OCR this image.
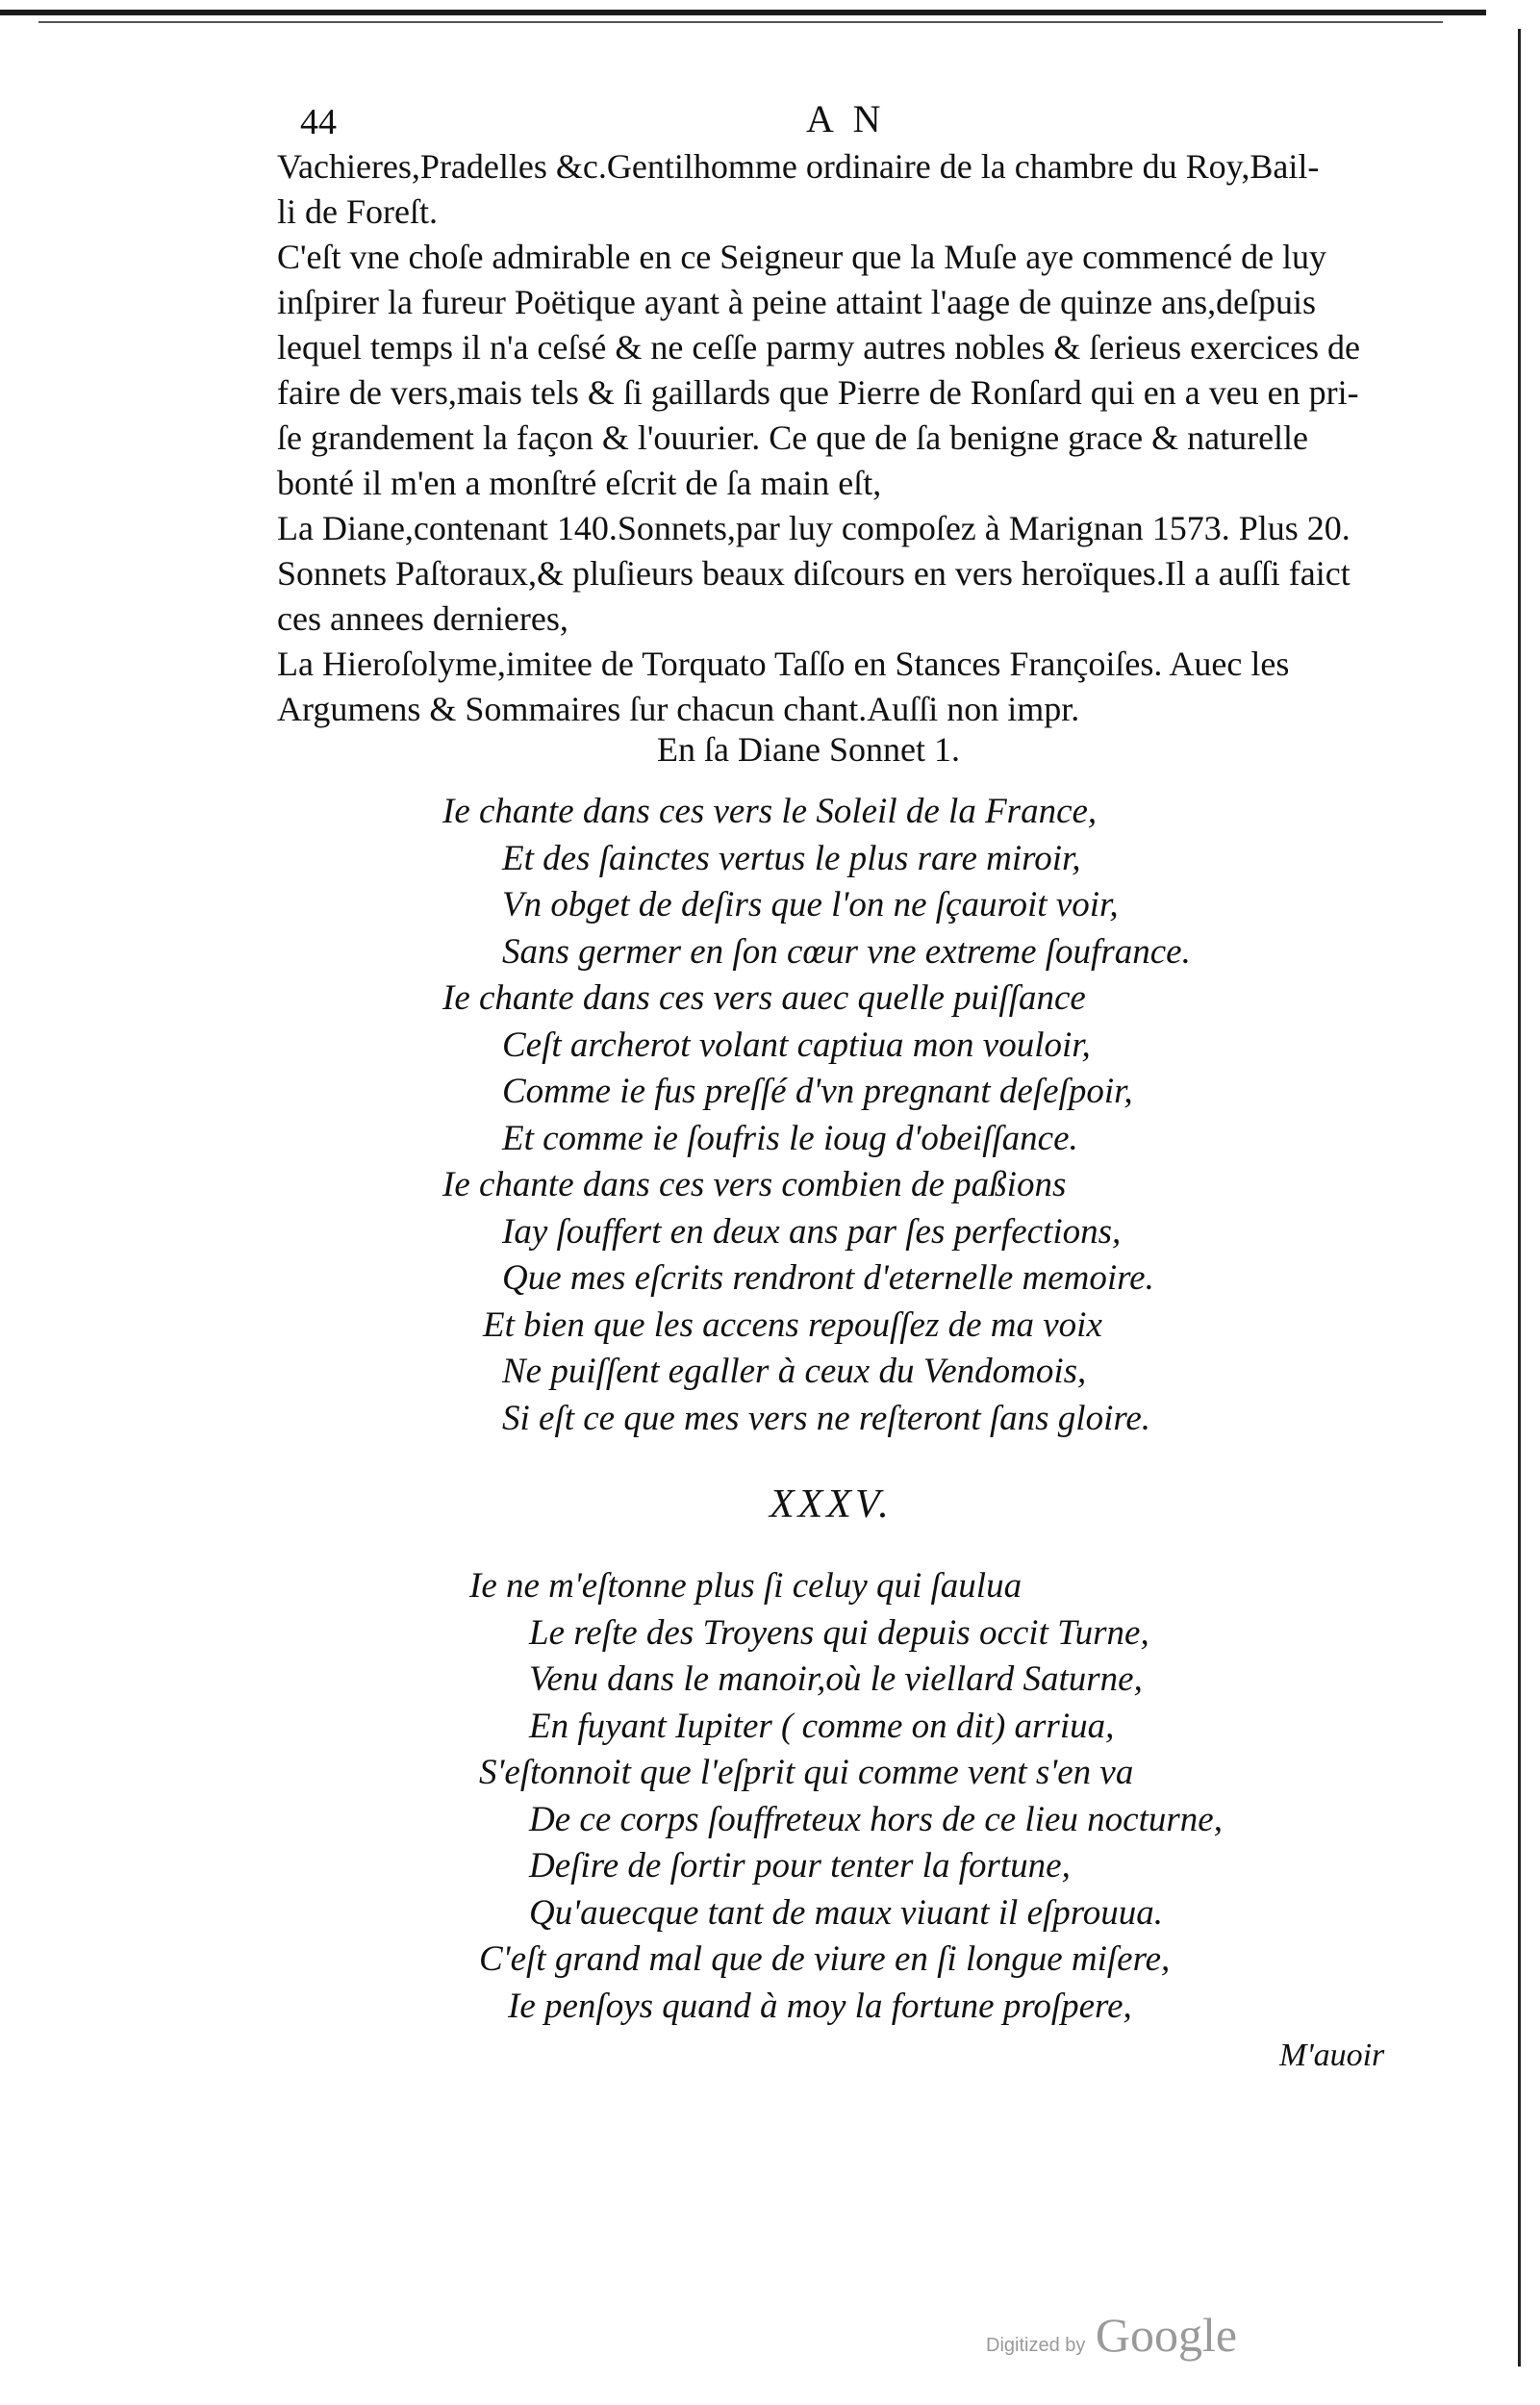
44	A N
Vachieres,Pradelles &c.Gentilhomme ordinaire de la chambre du Roy,Bail-
li de Foreſt.
C'eſt vne choſe admirable en ce Seigneur que la Muſe aye commencé de luy
inſpirer la fureur Poëtique ayant à peine attaint l'aage de quinze ans,deſpuis
lequel temps il n'a ceſsé & ne ceſſe parmy autres nobles & ſerieus exercices de
faire de vers,mais tels & ſi gaillards que Pierre de Ronſard qui en a veu en pri-
ſe grandement la façon & l'ouurier. Ce que de ſa benigne grace & naturelle
bonté il m'en a monſtré eſcrit de ſa main eſt,
La Diane,contenant 140.Sonnets,par luy compoſez à Marignan 1573. Plus 20.
Sonnets Paſtoraux,& pluſieurs beaux diſcours en vers heroïques.Il a auſſi faict
ces annees dernieres,
La Hieroſolyme,imitee de Torquato Taſſo en Stances Françoiſes. Auec les
Argumens & Sommaires ſur chacun chant.Auſſi non impr.
En ſa Diane Sonnet 1.
Ie chante dans ces vers le Soleil de la France,
Et des ſainctes vertus le plus rare miroir,
Vn obget de deſirs que l'on ne ſçauroit voir,
Sans germer en ſon cœur vne extreme ſoufrance.
Ie chante dans ces vers auec quelle puiſſance
Ceſt archerot volant captiua mon vouloir,
Comme ie fus preſſé d'vn pregnant deſeſpoir,
Et comme ie ſoufris le ioug d'obeiſſance.
Ie chante dans ces vers combien de paßions
Iay ſouffert en deux ans par ſes perfections,
Que mes eſcrits rendront d'eternelle memoire.
Et bien que les accens repouſſez de ma voix
Ne puiſſent egaller à ceux du Vendomois,
Si eſt ce que mes vers ne reſteront ſans gloire.
XXXV.
Ie ne m'eſtonne plus ſi celuy qui ſaulua
Le reſte des Troyens qui depuis occit Turne,
Venu dans le manoir,où le viellard Saturne,
En fuyant Iupiter ( comme on dit) arriua,
S'eſtonnoit que l'eſprit qui comme vent s'en va
De ce corps ſouffreteux hors de ce lieu nocturne,
Deſire de ſortir pour tenter la fortune,
Qu'auecque tant de maux viuant il eſprouua.
C'eſt grand mal que de viure en ſi longue miſere,
Ie penſoys quand à moy la fortune proſpere,
M'auoir
Digitized by Google
